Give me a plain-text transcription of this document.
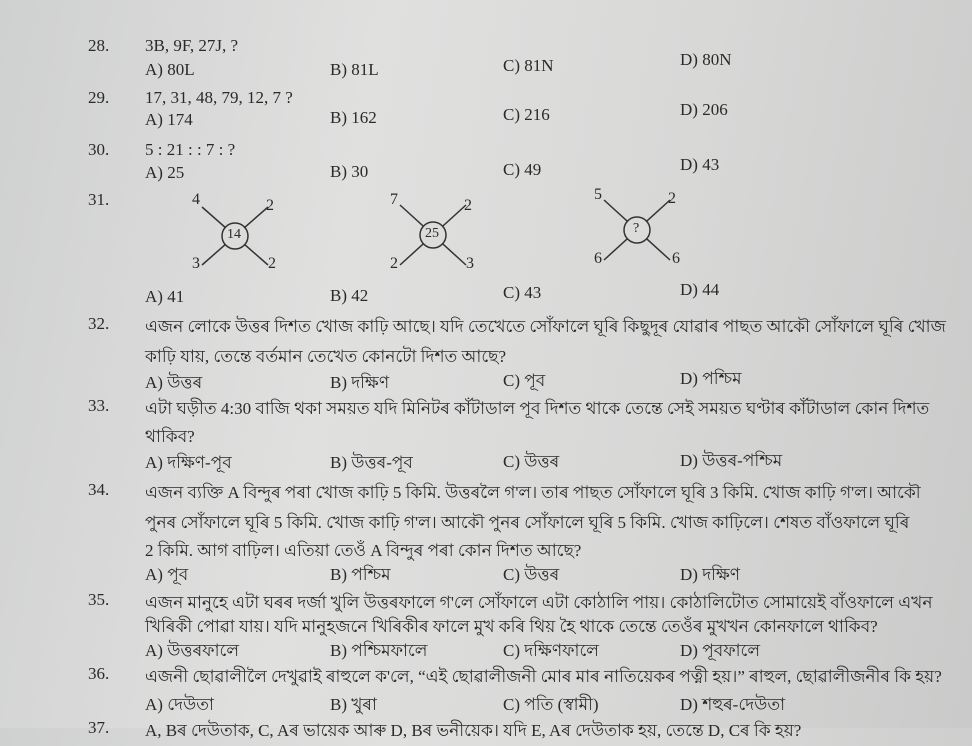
28. 3B, 9F, 27J, ?
A) 80L	B) 81L	C) 81N	D) 80N
29. 17, 31, 48, 79, 12, 7 ?
A) 174	B) 162	C) 216	D) 206
30. 5 : 21 : : 7 : ?
A) 25	B) 30	C) 49	D) 43
31.	4	2
3	2
14
7	2
2	3
25
5	2
6	6
?
A) 41	B) 42	C) 43	D) 44
32. এজন লোকে উত্তৰ দিশত খোজ কাঢ়ি আছে। যদি তেখেতে সোঁফালে ঘূৰি কিছুদূৰ যোৱাৰ পাছত আকৌ সোঁফালে ঘূৰি খোজ
কাঢ়ি যায়, তেন্তে বৰ্তমান তেখেত কোনটো দিশত আছে?
A) উত্তৰ	B) দক্ষিণ	C) পূব	D) পশ্চিম
33. এটা ঘড়ীত 4:30 বাজি থকা সময়ত যদি মিনিটৰ কাঁটাডাল পূব দিশত থাকে তেন্তে সেই সময়ত ঘণ্টাৰ কাঁটাডাল কোন দিশত
থাকিব?
A) দক্ষিণ-পূব	B) উত্তৰ-পূব	C) উত্তৰ	D) উত্তৰ-পশ্চিম
34. এজন ব্যক্তি A বিন্দুৰ পৰা খোজ কাঢ়ি 5 কিমি. উত্তৰলৈ গ'ল। তাৰ পাছত সোঁফালে ঘূৰি 3 কিমি. খোজ কাঢ়ি গ'ল। আকৌ
পুনৰ সোঁফালে ঘূৰি 5 কিমি. খোজ কাঢ়ি গ'ল। আকৌ পুনৰ সোঁফালে ঘূৰি 5 কিমি. খোজ কাঢ়িলে। শেষত বাঁওফালে ঘূৰি
2 কিমি. আগ বাঢ়িল। এতিয়া তেওঁ A বিন্দুৰ পৰা কোন দিশত আছে?
A) পূব	B) পশ্চিম	C) উত্তৰ	D) দক্ষিণ
35. এজন মানুহে এটা ঘৰৰ দৰ্জা খুলি উত্তৰফালে গ'লে সোঁফালে এটা কোঠালি পায়। কোঠালিটোত সোমায়েই বাঁওফালে এখন
খিৰিকী পোৱা যায়। যদি মানুহজনে খিৰিকীৰ ফালে মুখ কৰি থিয় হৈ থাকে তেন্তে তেওঁৰ মুখখন কোনফালে থাকিব?
A) উত্তৰফালে	B) পশ্চিমফালে	C) দক্ষিণফালে	D) পূবফালে
36. এজনী ছোৱালীলৈ দেখুৱাই ৰাহুলে ক'লে, “এই ছোৱালীজনী মোৰ মাৰ নাতিয়েকৰ পত্নী হয়।” ৰাহুল, ছোৱালীজনীৰ কি হয়?
A) দেউতা	B) খুৰা	C) পতি (স্বামী)	D) শহুৰ-দেউতা
37. A, Bৰ দেউতাক, C, Aৰ ভায়েক আৰু D, Bৰ ভনীয়েক। যদি E, Aৰ দেউতাক হয়, তেন্তে D, Cৰ কি হয়?
